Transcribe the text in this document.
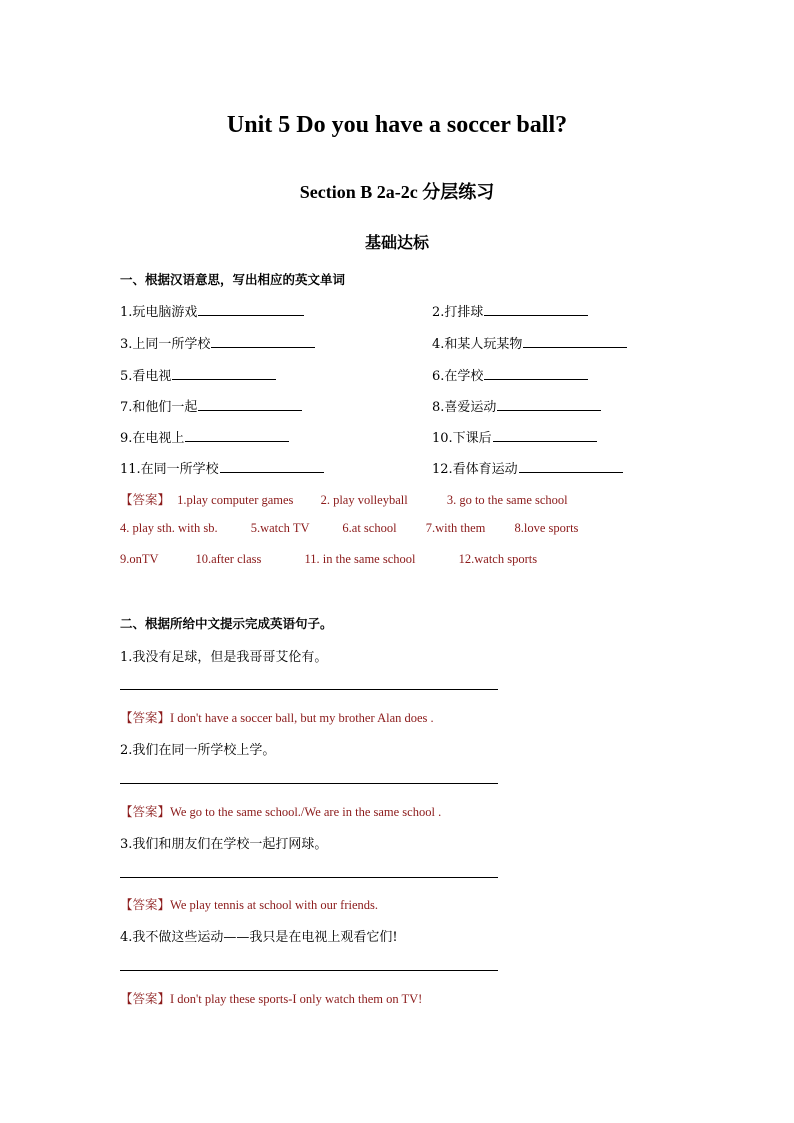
Unit 5 Do you have a soccer ball?
Section B 2a-2c 分层练习
基础达标
一、根据汉语意思，写出相应的英文单词
1.玩电脑游戏	2.打排球
3.上同一所学校	4.和某人玩某物
5.看电视	6.在学校
7.和他们一起	8.喜爱运动
9.在电视上	10.下课后
11.在同一所学校	12.看体育运动
【答案】 1.play computer games 2. play volleyball	3. go to the same school
4. play sth. with sb.	5.watch TV	6.at school 7.with them 8.love sports
9.onTV	10.after class	11. in the same school	12.watch sports
二、根据所给中文提示完成英语句子。
1.我没有足球，但是我哥哥艾伦有。
【答案】I don't have a soccer ball, but my brother Alan does .
2.我们在同一所学校上学。
【答案】We go to the same school./We are in the same school .
3.我们和朋友们在学校一起打网球。
【答案】We play tennis at school with our friends.
4.我不做这些运动——我只是在电视上观看它们!
【答案】I don't play these sports-I only watch them on TV!
